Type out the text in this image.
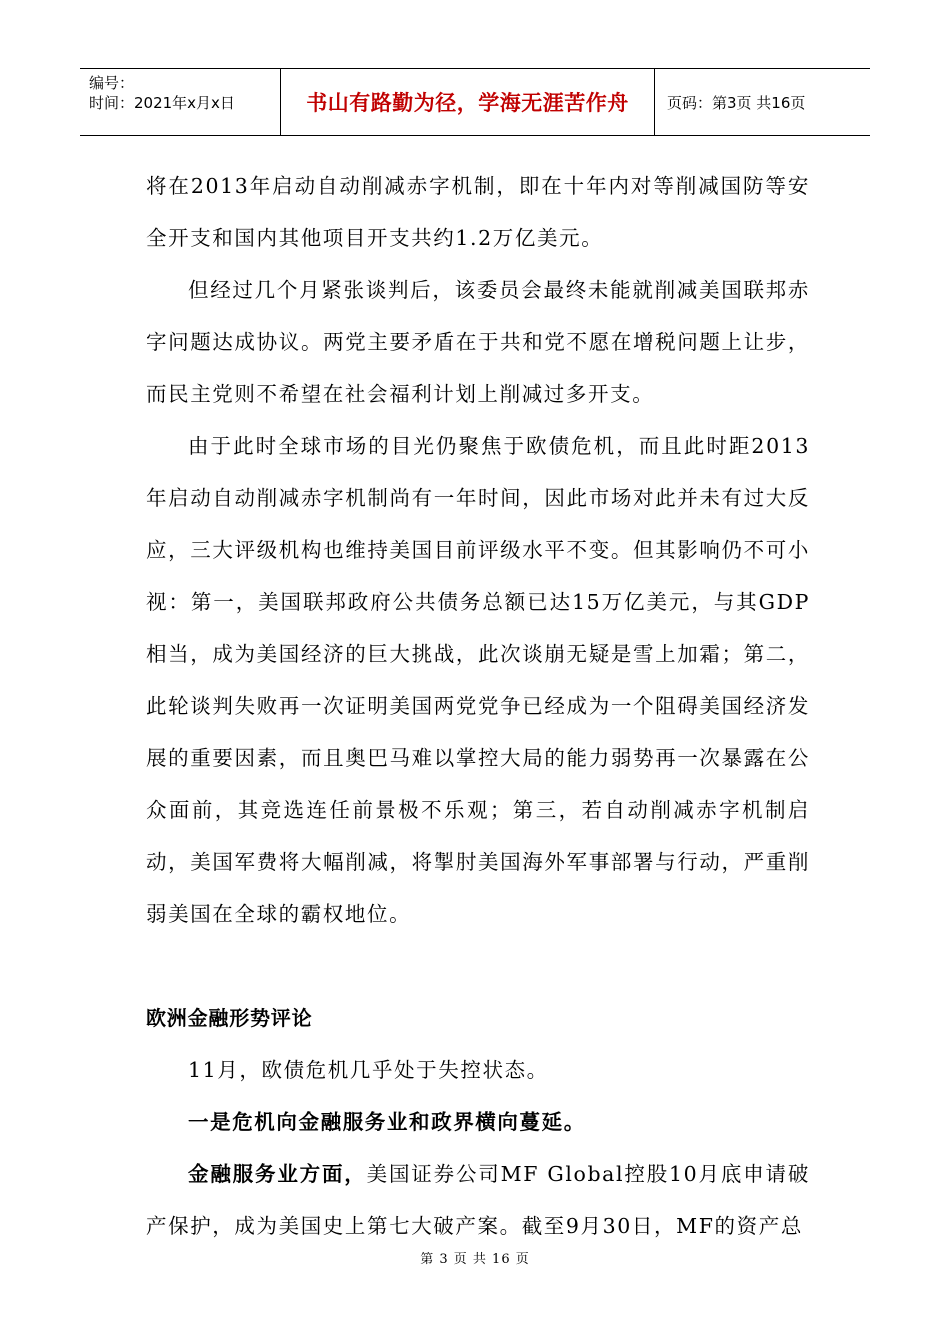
编号：
时间：2021年x月x日	书山有路勤为径，学海无涯苦作舟	页码：第3页 共16页

将在2013年启动自动削减赤字机制，即在十年内对等削减国防等安全开支和国内其他项目开支共约1.2万亿美元。

但经过几个月紧张谈判后，该委员会最终未能就削减美国联邦赤字问题达成协议。两党主要矛盾在于共和党不愿在增税问题上让步，而民主党则不希望在社会福利计划上削减过多开支。

由于此时全球市场的目光仍聚焦于欧债危机，而且此时距2013年启动自动削减赤字机制尚有一年时间，因此市场对此并未有过大反应，三大评级机构也维持美国目前评级水平不变。但其影响仍不可小视：第一，美国联邦政府公共债务总额已达15万亿美元，与其GDP相当，成为美国经济的巨大挑战，此次谈崩无疑是雪上加霜；第二，此轮谈判失败再一次证明美国两党党争已经成为一个阻碍美国经济发展的重要因素，而且奥巴马难以掌控大局的能力弱势再一次暴露在公众面前，其竞选连任前景极不乐观；第三，若自动削减赤字机制启动，美国军费将大幅削减，将掣肘美国海外军事部署与行动，严重削弱美国在全球的霸权地位。

欧洲金融形势评论

11月，欧债危机几乎处于失控状态。

一是危机向金融服务业和政界横向蔓延。

金融服务业方面，美国证券公司MF Global控股10月底申请破产保护，成为美国史上第七大破产案。截至9月30日，MF的资产总

第 3 页 共 16 页
